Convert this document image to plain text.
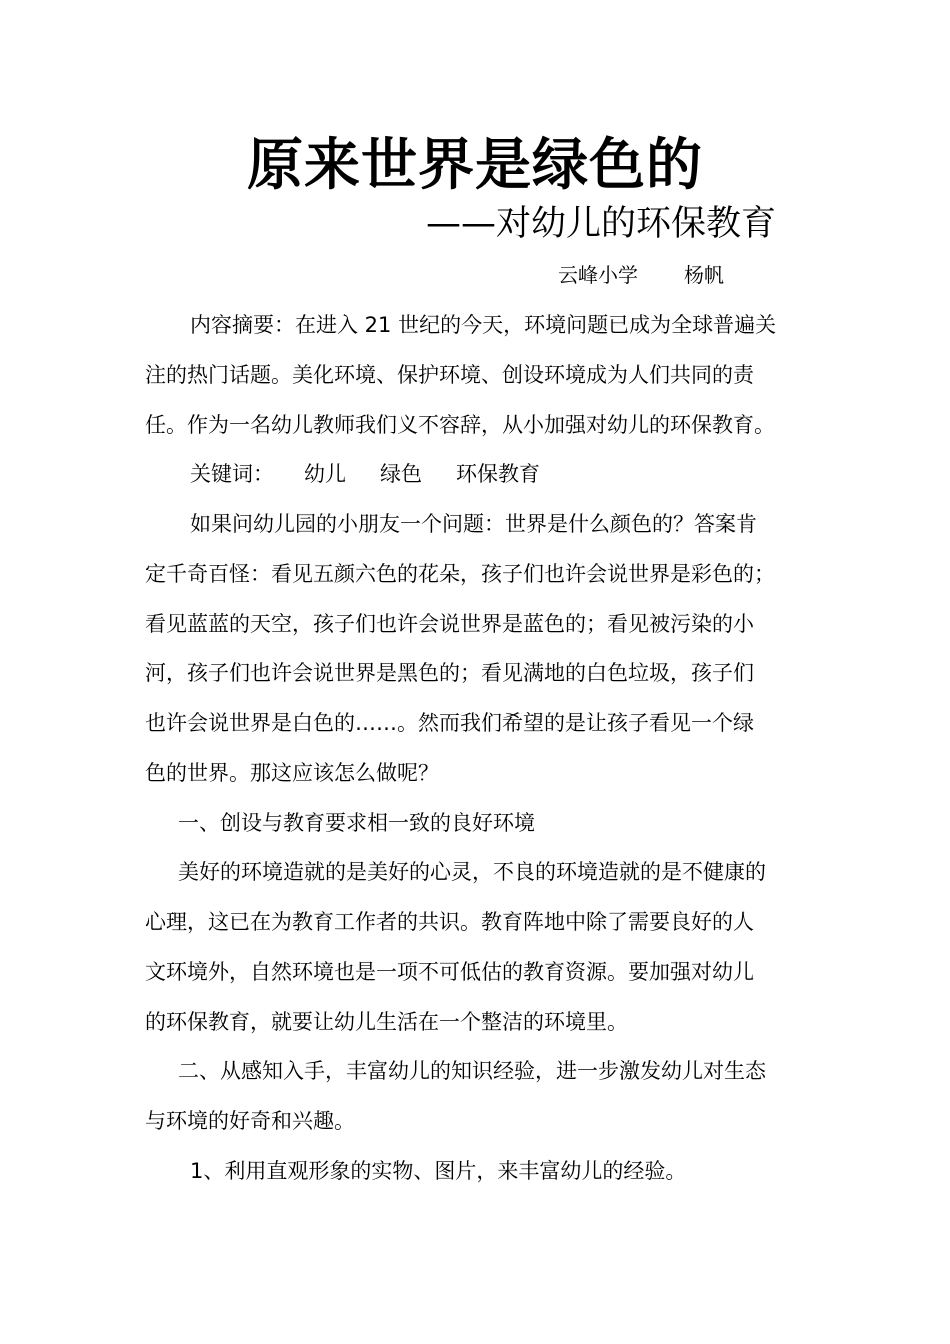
原来世界是绿色的
——对幼儿的环保教育
云峰小学 杨帆
内容摘要：在进入 21 世纪的今天，环境问题已成为全球普遍关
注的热门话题。美化环境、保护环境、创设环境成为人们共同的责
任。作为一名幼儿教师我们义不容辞，从小加强对幼儿的环保教育。
关键词： 幼儿 绿色 环保教育
如果问幼儿园的小朋友一个问题：世界是什么颜色的？答案肯
定千奇百怪：看见五颜六色的花朵，孩子们也许会说世界是彩色的；
看见蓝蓝的天空，孩子们也许会说世界是蓝色的；看见被污染的小
河，孩子们也许会说世界是黑色的；看见满地的白色垃圾，孩子们
也许会说世界是白色的……。然而我们希望的是让孩子看见一个绿
色的世界。那这应该怎么做呢？
一、创设与教育要求相一致的良好环境
美好的环境造就的是美好的心灵，不良的环境造就的是不健康的
心理，这已在为教育工作者的共识。教育阵地中除了需要良好的人
文环境外，自然环境也是一项不可低估的教育资源。要加强对幼儿
的环保教育，就要让幼儿生活在一个整洁的环境里。
二、从感知入手，丰富幼儿的知识经验，进一步激发幼儿对生态
与环境的好奇和兴趣。
1、利用直观形象的实物、图片，来丰富幼儿的经验。
